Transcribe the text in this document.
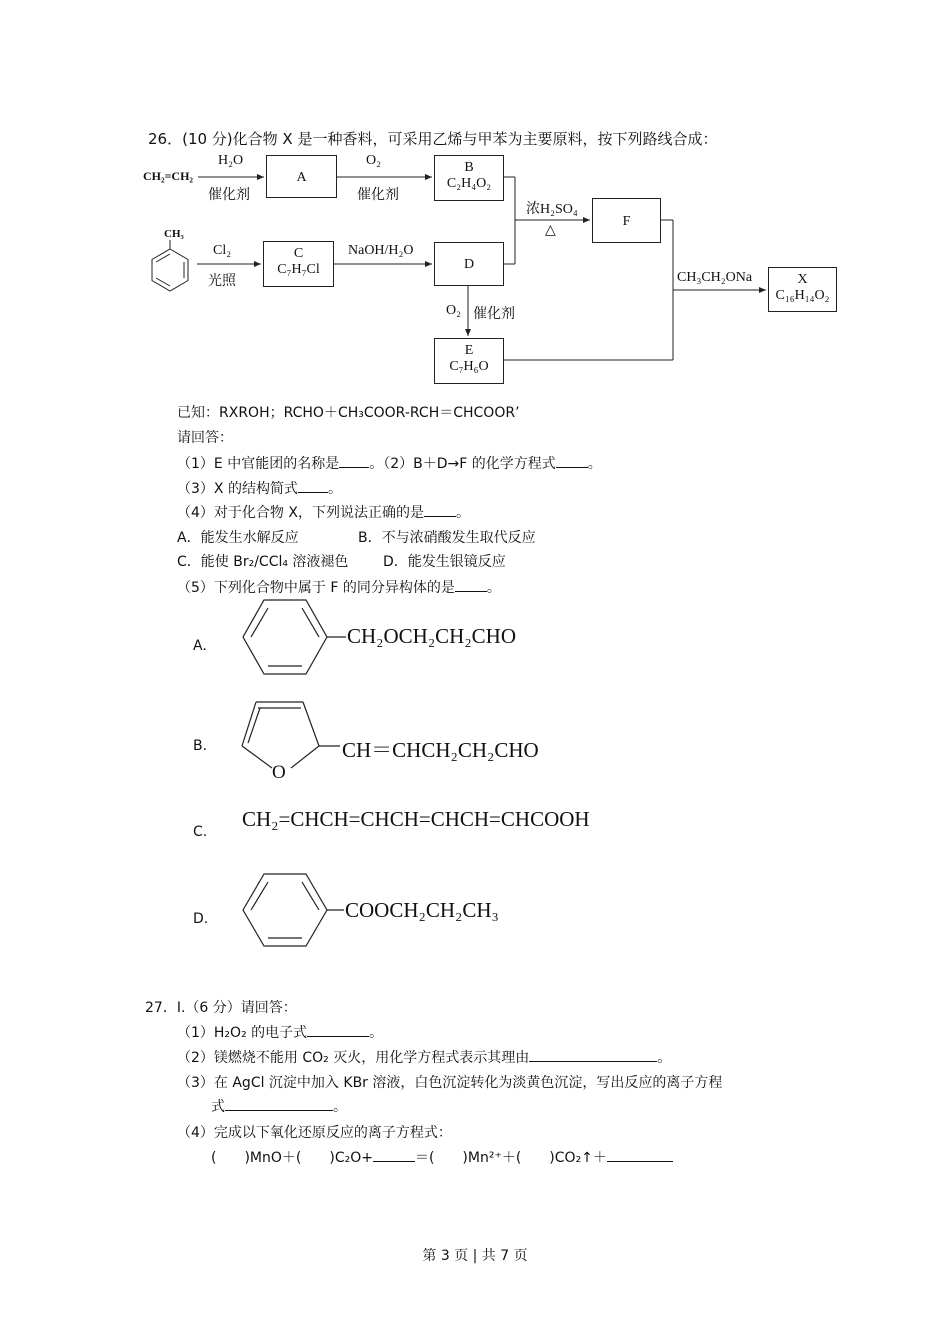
26．(10 分)化合物 X 是一种香料，可采用乙烯与甲苯为主要原料，按下列路线合成：
CH₂=CH₂
CH₃
H₂O
催化剂
A
O₂
催化剂
B
C₂H₄O₂
Cl₂
光照
C
C₇H₇Cl
NaOH/H₂O
D
浓H₂SO₄
△
F
O₂ 催化剂
E
C₇H₆O
CH₃CH₂ONa	X
C₁₆H₁₄O₂
已知：RXROH；RCHO＋CH₃COOR-RCH＝CHCOOR’
请回答：
（1）E 中官能团的名称是 。（2）B＋D→F 的化学方程式 。
（3）X 的结构简式 。
（4）对于化合物 X，下列说法正确的是 。
A．能发生水解反应	B．不与浓硝酸发生取代反应
C．能使 Br₂/CCl₄ 溶液褪色 D．能发生银镜反应
（5）下列化合物中属于 F 的同分异构体的是 。
A.	CH₂OCH₂CH₂CHO
B.
O
CH＝CHCH₂CH₂CHO
C.
CH₂=CHCH=CHCH=CHCH=CHCOOH
D.	COOCH₂CH₂CH₃
27．Ⅰ.（6 分）请回答：
（1）H₂O₂ 的电子式	。
（2）镁燃烧不能用 CO₂ 灭火，用化学方程式表示其理由	。
（3）在 AgCl 沉淀中加入 KBr 溶液，白色沉淀转化为淡黄色沉淀，写出反应的离子方程
式	。
（4）完成以下氧化还原反应的离子方程式：
(　　)MnO＋(　　)C₂O+	＝(　　)Mn²⁺＋(　　)CO₂↑＋
第 3 页 | 共 7 页
